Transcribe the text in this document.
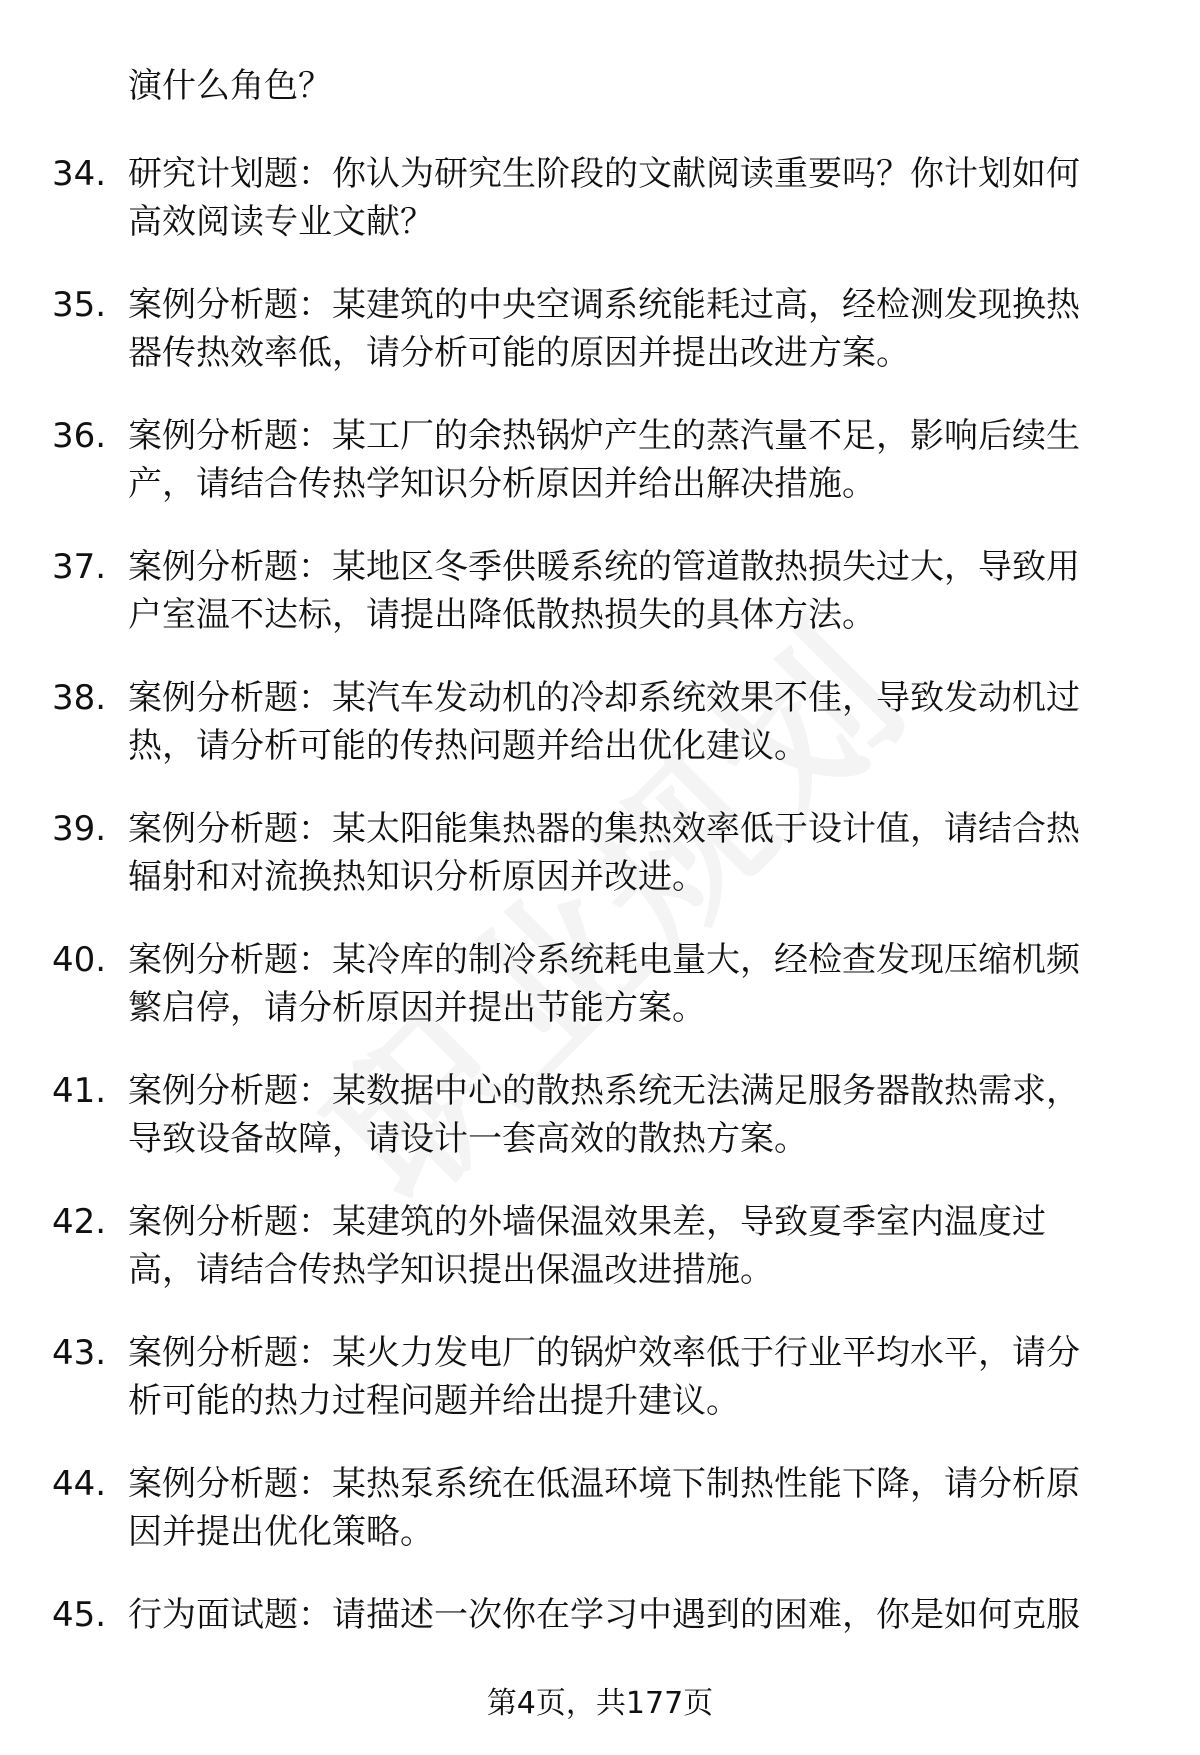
演什么角色？
34. 研究计划题：你认为研究生阶段的文献阅读重要吗？你计划如何
高效阅读专业文献？
35. 案例分析题：某建筑的中央空调系统能耗过高，经检测发现换热
器传热效率低，请分析可能的原因并提出改进方案。
36. 案例分析题：某工厂的余热锅炉产生的蒸汽量不足，影响后续生
产，请结合传热学知识分析原因并给出解决措施。
37. 案例分析题：某地区冬季供暖系统的管道散热损失过大，导致用
户室温不达标，请提出降低散热损失的具体方法。
38. 案例分析题：某汽车发动机的冷却系统效果不佳，导致发动机过
热，请分析可能的传热问题并给出优化建议。
39. 案例分析题：某太阳能集热器的集热效率低于设计值，请结合热
辐射和对流换热知识分析原因并改进。
40. 案例分析题：某冷库的制冷系统耗电量大，经检查发现压缩机频
繁启停，请分析原因并提出节能方案。
41. 案例分析题：某数据中心的散热系统无法满足服务器散热需求，
导致设备故障，请设计一套高效的散热方案。
42. 案例分析题：某建筑的外墙保温效果差，导致夏季室内温度过
高，请结合传热学知识提出保温改进措施。
43. 案例分析题：某火力发电厂的锅炉效率低于行业平均水平，请分
析可能的热力过程问题并给出提升建议。
44. 案例分析题：某热泵系统在低温环境下制热性能下降，请分析原
因并提出优化策略。
45. 行为面试题：请描述一次你在学习中遇到的困难，你是如何克服
第4页，共177页
